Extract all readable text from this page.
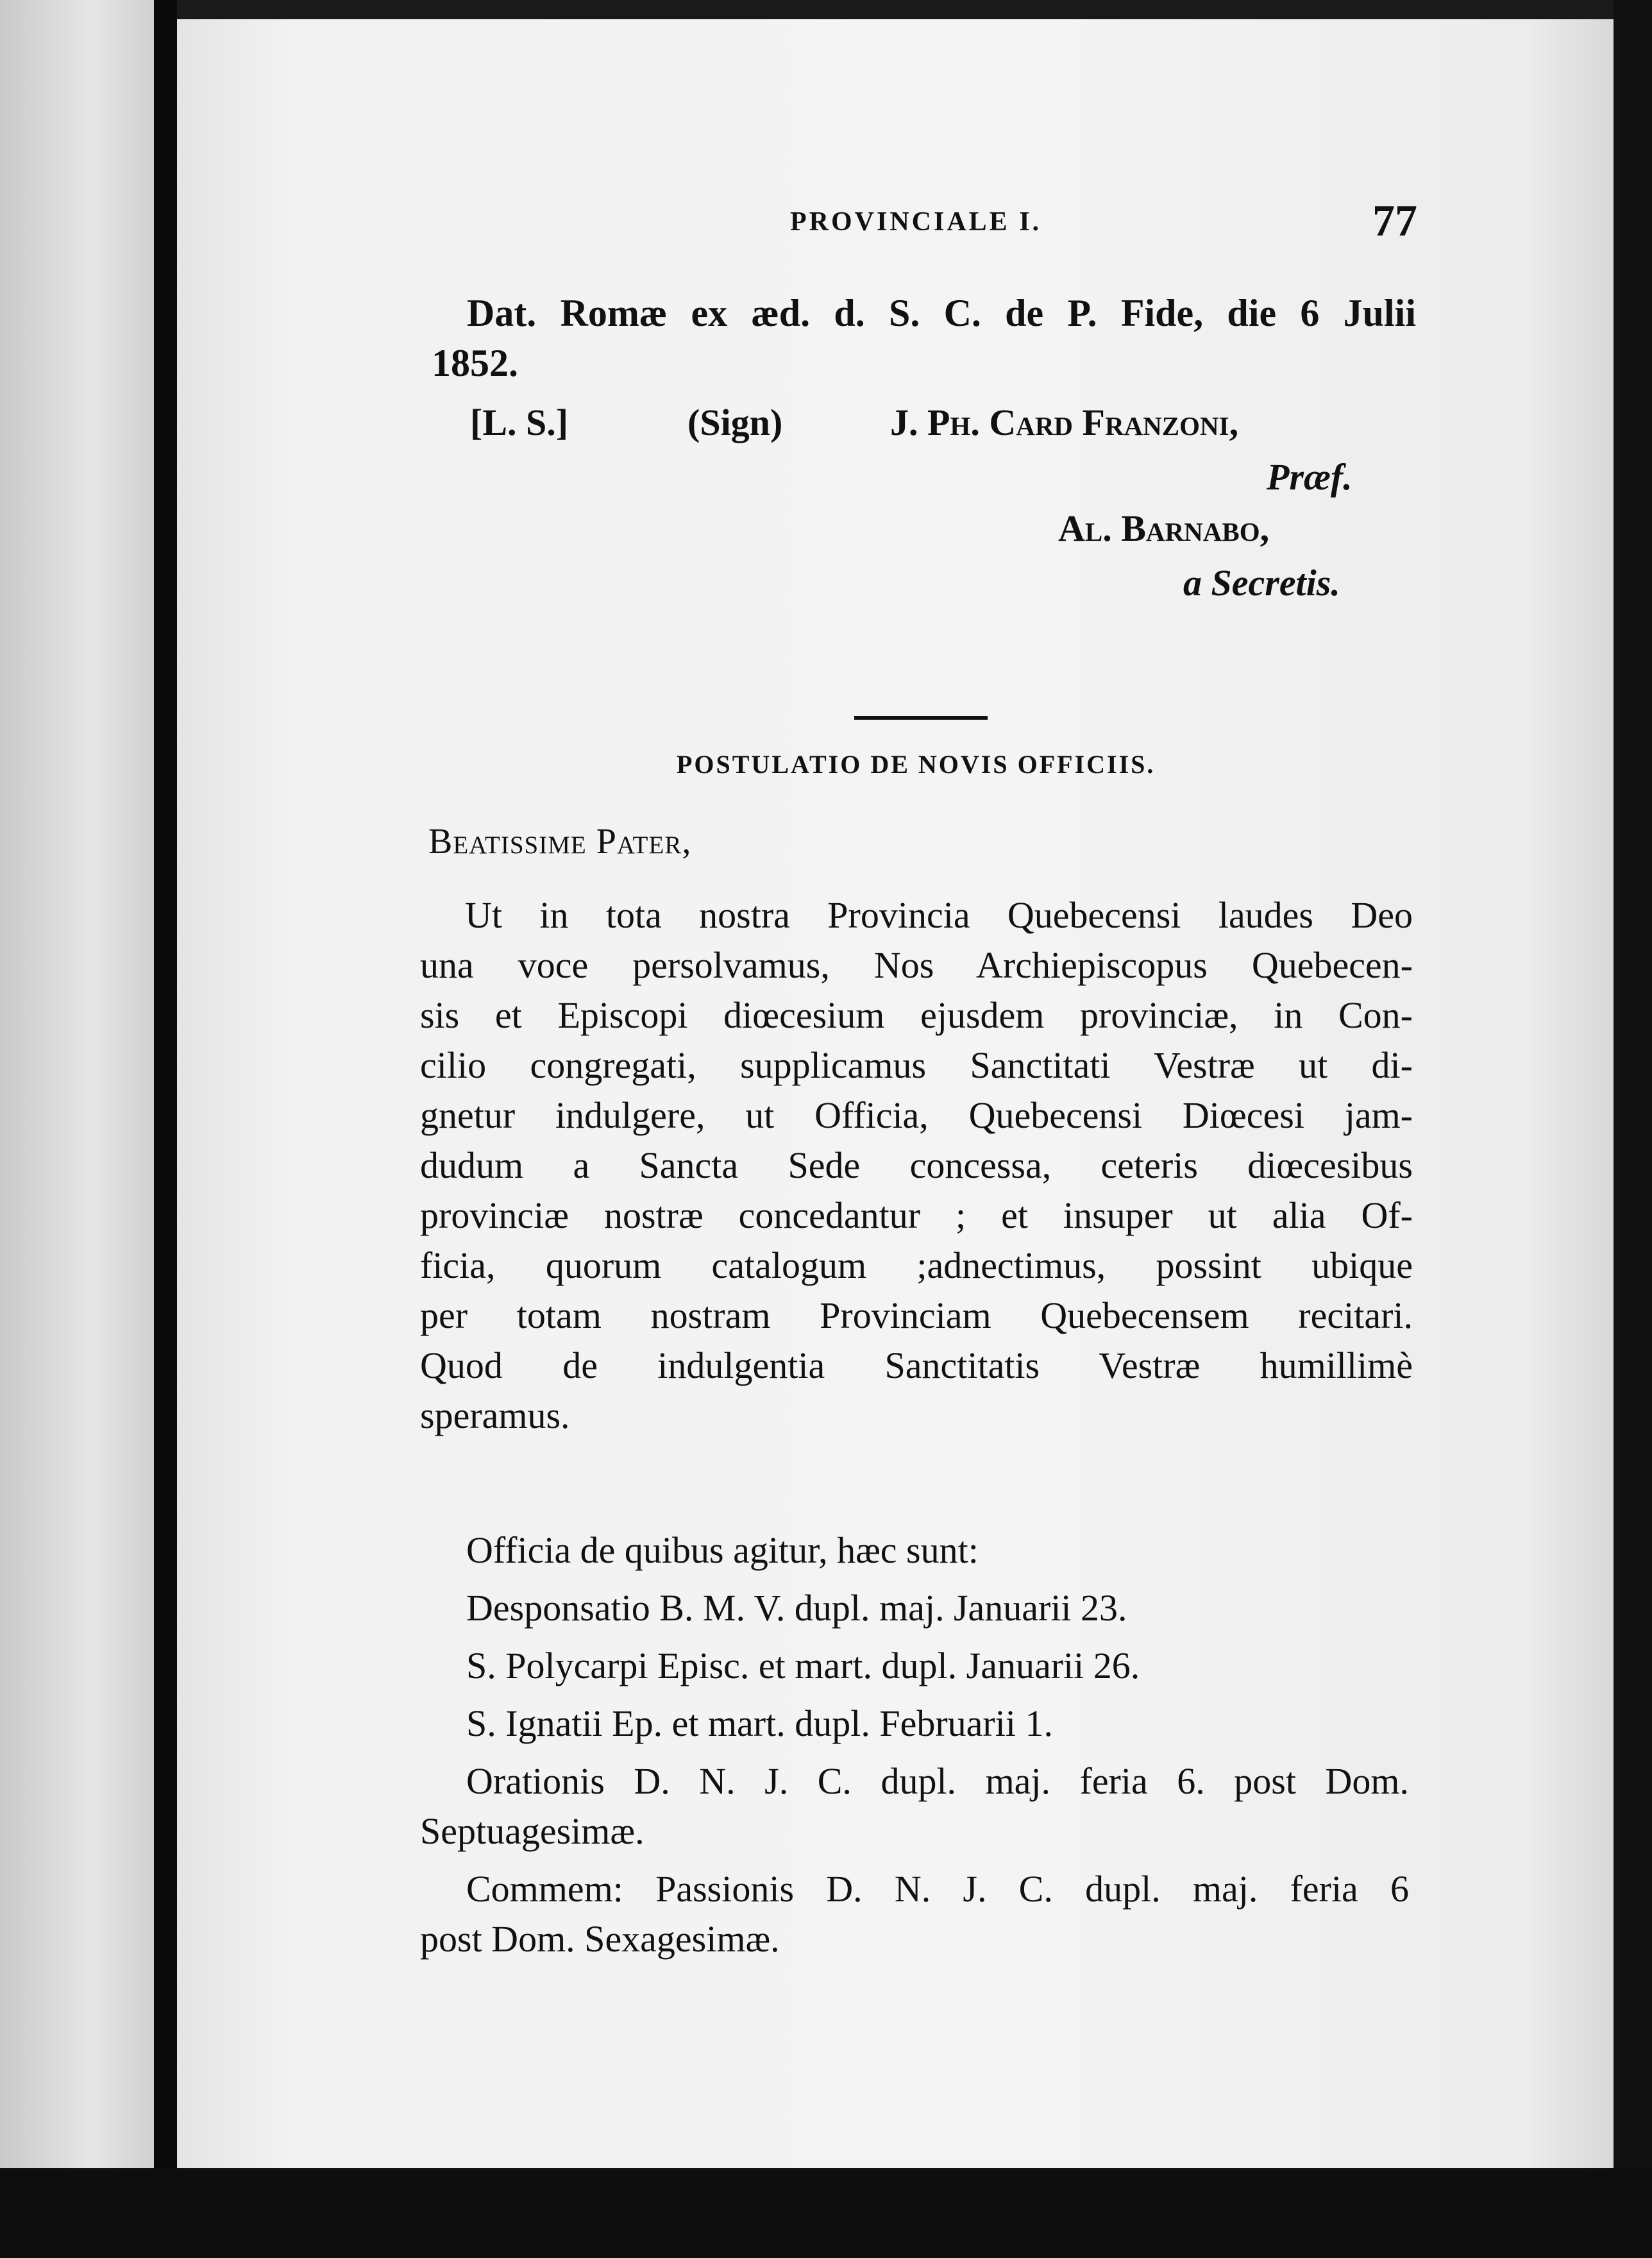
PROVINCIALE I.	77
Dat. Romæ ex æd. d. S. C. de P. Fide, die 6 Julii
1852.
[L. S.]	(Sign)	J. Ph. Card Franzoni,
Præf.
Al. Barnabo,
a Secretis.
POSTULATIO DE NOVIS OFFICIIS.
Beatissime Pater,
Ut in tota nostra Provincia Quebecensi laudes Deo
una voce persolvamus, Nos Archiepiscopus Quebecen-
sis et Episcopi diœcesium ejusdem provinciæ, in Con-
cilio congregati, supplicamus Sanctitati Vestræ ut di-
gnetur indulgere, ut Officia, Quebecensi Diœcesi jam-
dudum a Sancta Sede concessa, ceteris diœcesibus
provinciæ nostræ concedantur ; et insuper ut alia Of-
ficia, quorum catalogum ;adnectimus, possint ubique
per totam nostram Provinciam Quebecensem recitari.
Quod de indulgentia Sanctitatis Vestræ humillimè
speramus.
Officia de quibus agitur, hæc sunt:
Desponsatio B. M. V. dupl. maj. Januarii 23.
S. Polycarpi Episc. et mart. dupl. Januarii 26.
S. Ignatii Ep. et mart. dupl. Februarii 1.
Orationis D. N. J. C. dupl. maj. feria 6. post Dom.
Septuagesimæ.
Commem: Passionis D. N. J. C. dupl. maj. feria 6
post Dom. Sexagesimæ.
